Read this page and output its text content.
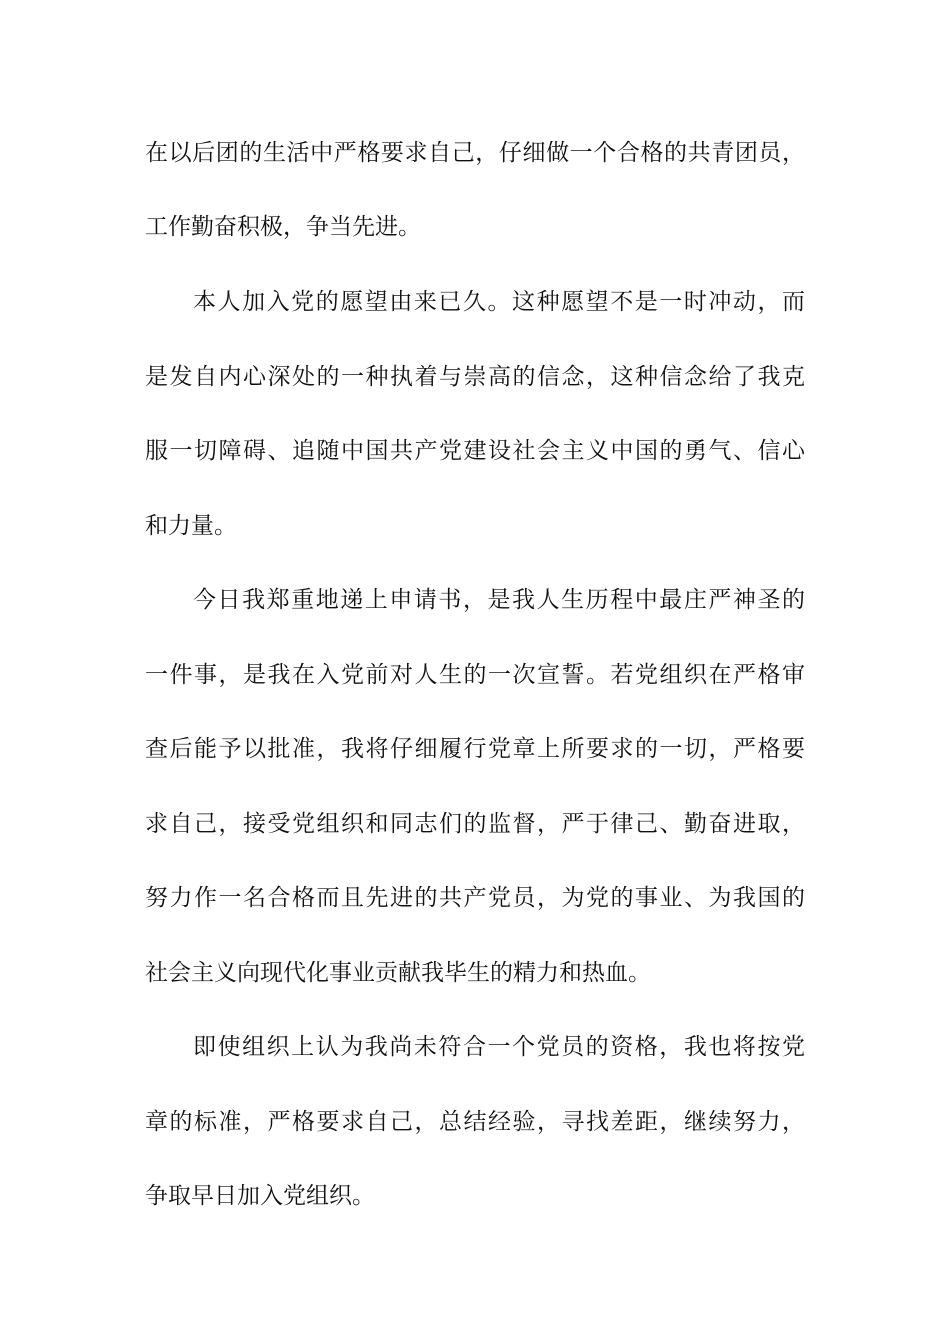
在以后团的生活中严格要求自己，仔细做一个合格的共青团员，
工作勤奋积极，争当先进。
本人加入党的愿望由来已久。这种愿望不是一时冲动，而
是发自内心深处的一种执着与崇高的信念，这种信念给了我克
服一切障碍、追随中国共产党建设社会主义中国的勇气、信心
和力量。
今日我郑重地递上申请书，是我人生历程中最庄严神圣的
一件事，是我在入党前对人生的一次宣誓。若党组织在严格审
查后能予以批准，我将仔细履行党章上所要求的一切，严格要
求自己，接受党组织和同志们的监督，严于律己、勤奋进取，
努力作一名合格而且先进的共产党员，为党的事业、为我国的
社会主义向现代化事业贡献我毕生的精力和热血。
即使组织上认为我尚未符合一个党员的资格，我也将按党
章的标准，严格要求自己，总结经验，寻找差距，继续努力，
争取早日加入党组织。
